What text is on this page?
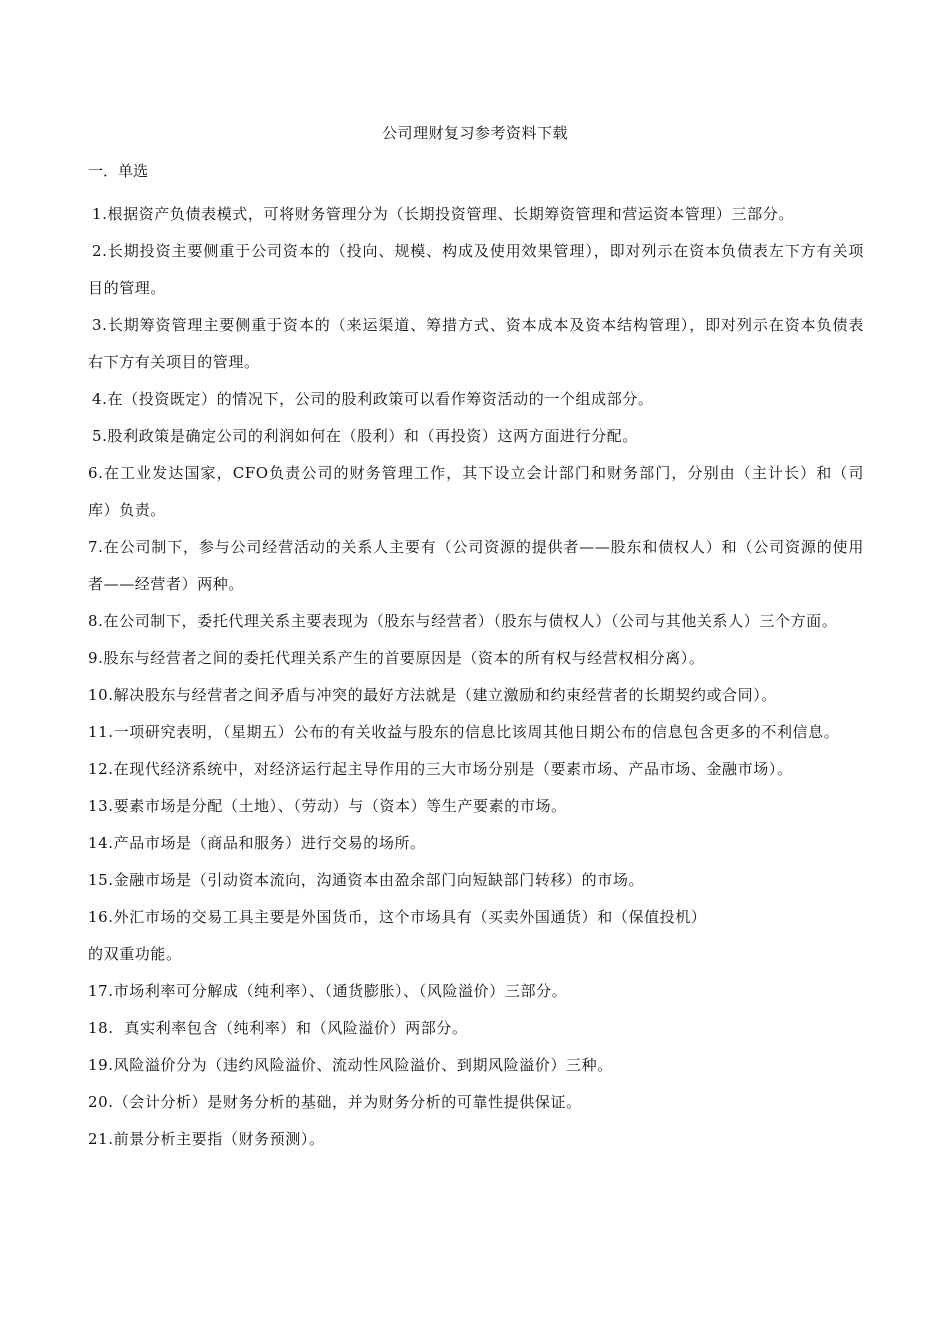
公司理财复习参考资料下载
一．单选

1.根据资产负债表模式，可将财务管理分为（长期投资管理、长期筹资管理和营运资本管理）三部分。

2.长期投资主要侧重于公司资本的（投向、规模、构成及使用效果管理），即对列示在资本负债表左下方有关项目的管理。

3.长期筹资管理主要侧重于资本的（来运渠道、筹措方式、资本成本及资本结构管理），即对列示在资本负债表右下方有关项目的管理。

4.在（投资既定）的情况下，公司的股利政策可以看作筹资活动的一个组成部分。

5.股利政策是确定公司的利润如何在（股利）和（再投资）这两方面进行分配。

6.在工业发达国家，CFO负责公司的财务管理工作，其下设立会计部门和财务部门，分别由（主计长）和（司库）负责。

7.在公司制下，参与公司经营活动的关系人主要有（公司资源的提供者——股东和债权人）和（公司资源的使用者——经营者）两种。

8.在公司制下，委托代理关系主要表现为（股东与经营者）（股东与债权人）（公司与其他关系人）三个方面。

9.股东与经营者之间的委托代理关系产生的首要原因是（资本的所有权与经营权相分离）。

10.解决股东与经营者之间矛盾与冲突的最好方法就是（建立激励和约束经营者的长期契约或合同）。

11.一项研究表明，（星期五）公布的有关收益与股东的信息比该周其他日期公布的信息包含更多的不利信息。

12.在现代经济系统中，对经济运行起主导作用的三大市场分别是（要素市场、产品市场、金融市场）。

13.要素市场是分配（土地）、（劳动）与（资本）等生产要素的市场。

14.产品市场是（商品和服务）进行交易的场所。

15.金融市场是（引动资本流向，沟通资本由盈余部门向短缺部门转移）的市场。

16.外汇市场的交易工具主要是外国货币，这个市场具有（买卖外国通货）和（保值投机）
的双重功能。

17.市场利率可分解成（纯利率）、（通货膨胀）、（风险溢价）三部分。

18.  真实利率包含（纯利率）和（风险溢价）两部分。

19.风险溢价分为（违约风险溢价、流动性风险溢价、到期风险溢价）三种。

20.（会计分析）是财务分析的基础，并为财务分析的可靠性提供保证。

21.前景分析主要指（财务预测）。
